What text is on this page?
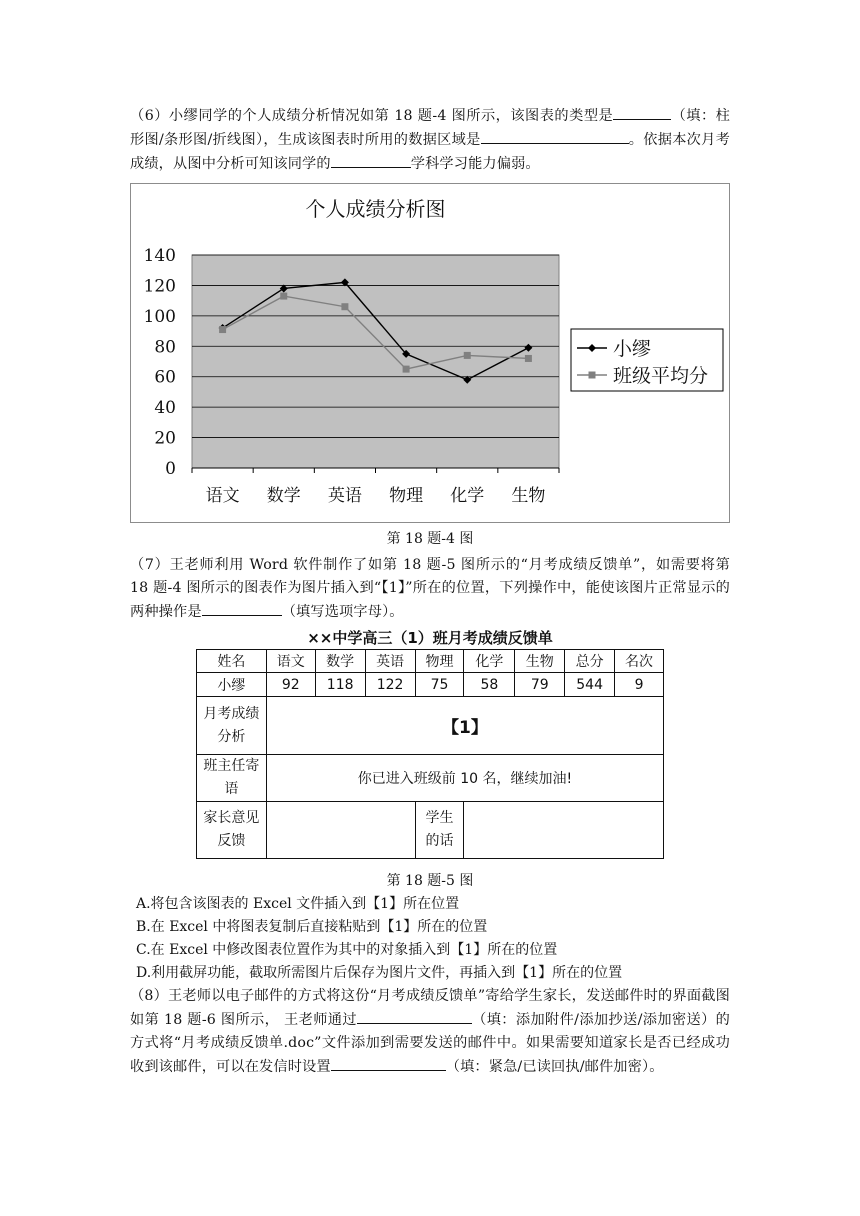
（6）小缪同学的个人成绩分析情况如第 18 题-4 图所示，该图表的类型是	（填：柱形图/条形图/折线图），生成该图表时所用的数据区域是	。依据本次月考成绩，从图中分析可知该同学的	学科学习能力偏弱。

个人成绩分析图
0
20
40
60
80
100
120
140
语文 数学 英语 物理 化学 生物
小缪
班级平均分
第 18 题-4 图

（7）王老师利用 Word 软件制作了如第 18 题-5 图所示的“月考成绩反馈单”，如需要将第 18 题-4 图所示的图表作为图片插入到“【1】”所在的位置，下列操作中，能使该图片正常显示的两种操作是	（填写选项字母）。

××中学高三（1）班月考成绩反馈单
姓名	语文	数学	英语	物理	化学	生物	总分	名次
小缪	92	118	122	75	58	79	544	9
月考成绩分析	【1】							
班主任寄语	你已进入班级前 10 名，继续加油!							
家长意见反馈				学生的话				
第 18 题-5 图

A.将包含该图表的 Excel 文件插入到【1】所在位置

B.在 Excel 中将图表复制后直接粘贴到【1】所在的位置

C.在 Excel 中修改图表位置作为其中的对象插入到【1】所在的位置

D.利用截屏功能，截取所需图片后保存为图片文件，再插入到【1】所在的位置

（8）王老师以电子邮件的方式将这份“月考成绩反馈单”寄给学生家长，发送邮件时的界面截图如第 18 题-6 图所示， 王老师通过	（填：添加附件/添加抄送/添加密送）的方式将“月考成绩反馈单.doc”文件添加到需要发送的邮件中。如果需要知道家长是否已经成功收到该邮件，可以在发信时设置	（填：紧急/已读回执/邮件加密）。
